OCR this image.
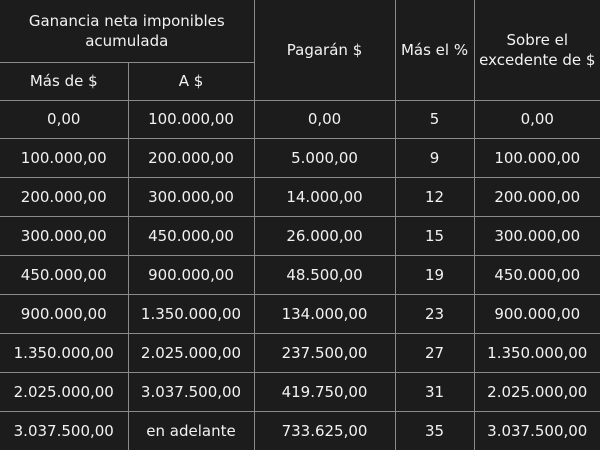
Ganancia neta imponibles acumulada		Pagarán $	Más el %	Sobre el excedente de $
Más de $	A $			
0,00	100.000,00	0,00	5	0,00
100.000,00	200.000,00	5.000,00	9	100.000,00
200.000,00	300.000,00	14.000,00	12	200.000,00
300.000,00	450.000,00	26.000,00	15	300.000,00
450.000,00	900.000,00	48.500,00	19	450.000,00
900.000,00	1.350.000,00	134.000,00	23	900.000,00
1.350.000,00	2.025.000,00	237.500,00	27	1.350.000,00
2.025.000,00	3.037.500,00	419.750,00	31	2.025.000,00
3.037.500,00	en adelante	733.625,00	35	3.037.500,00
